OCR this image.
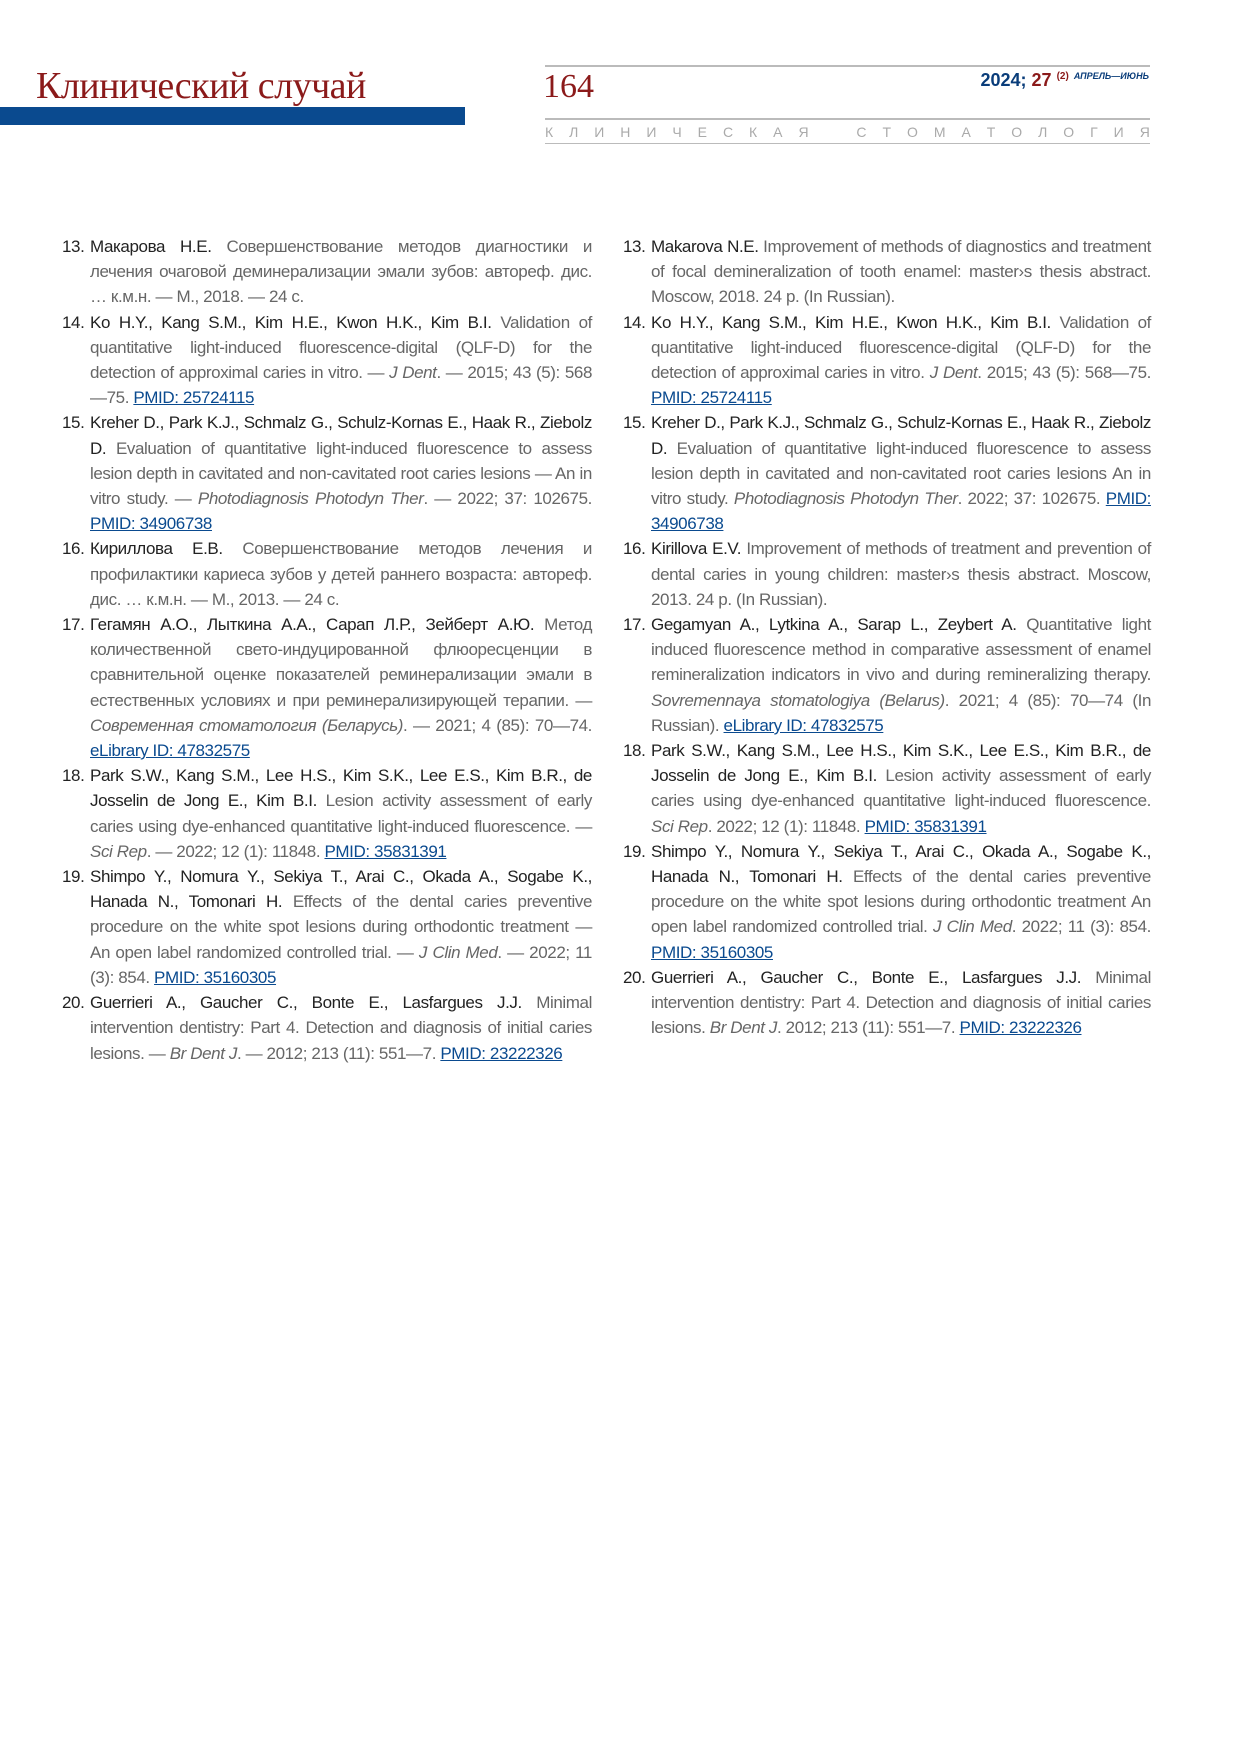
Клинический случай	164	2024; 27 $^{(2)}$ $^{АПРЕЛЬ—ИЮНЬ}$
К Л И Н И Ч Е С К А Я	С Т О М А Т О Л О Г И Я
13. Макарова Н.Е. Совершенствование методов диагностики и лечения очаговой деминерализации эмали зубов: автореф. дис. … к.м.н. — М., 2018. — 24 с.
14. Ko H.Y., Kang S.M., Kim H.E., Kwon H.K., Kim B.I. Validation of quantitative light-induced fluorescence-digital (QLF-D) for the detection of approximal caries in vitro. — J Dent. — 2015; 43 (5): 568—75. PMID: 25724115
15. Kreher D., Park K.J., Schmalz G., Schulz-Kornas E., Haak R., Ziebolz D. Evaluation of quantitative light-induced fluorescence to assess lesion depth in cavitated and non-cavitated root caries lesions — An in vitro study. — Photodiagnosis Photodyn Ther. — 2022; 37: 102675. PMID: 34906738
16. Кириллова Е.В. Совершенствование методов лечения и профилактики кариеса зубов у детей раннего возраста: автореф. дис. … к.м.н. — М., 2013. — 24 с.
17. Гегамян А.О., Лыткина А.А., Сарап Л.Р., Зейберт А.Ю. Метод количественной свето-индуцированной флюоресценции в сравнительной оценке показателей реминерализации эмали в естественных условиях и при реминерализирующей терапии. — Современная стоматология (Беларусь). — 2021; 4 (85): 70—74. eLibrary ID: 47832575
18. Park S.W., Kang S.M., Lee H.S., Kim S.K., Lee E.S., Kim B.R., de Josselin de Jong E., Kim B.I. Lesion activity assessment of early caries using dye-enhanced quantitative light-induced fluorescence. — Sci Rep. — 2022; 12 (1): 11848. PMID: 35831391
19. Shimpo Y., Nomura Y., Sekiya T., Arai C., Okada A., Sogabe K., Hanada N., Tomonari H. Effects of the dental caries preventive procedure on the white spot lesions during orthodontic treatment — An open label randomized controlled trial. — J Clin Med. — 2022; 11 (3): 854. PMID: 35160305
20. Guerrieri A., Gaucher C., Bonte E., Lasfargues J.J. Minimal intervention dentistry: Part 4. Detection and diagnosis of initial caries lesions. — Br Dent J. — 2012; 213 (11): 551—7. PMID: 23222326
13. Makarova N.E. Improvement of methods of diagnostics and treatment of focal demineralization of tooth enamel: master›s thesis abstract. Moscow, 2018. 24 p. (In Russian).
14. Ko H.Y., Kang S.M., Kim H.E., Kwon H.K., Kim B.I. Validation of quantitative light-induced fluorescence-digital (QLF-D) for the detection of approximal caries in vitro. J Dent. 2015; 43 (5): 568—75. PMID: 25724115
15. Kreher D., Park K.J., Schmalz G., Schulz-Kornas E., Haak R., Ziebolz D. Evaluation of quantitative light-induced fluorescence to assess lesion depth in cavitated and non-cavitated root caries lesions An in vitro study. Photodiagnosis Photodyn Ther. 2022; 37: 102675. PMID: 34906738
16. Kirillova E.V. Improvement of methods of treatment and prevention of dental caries in young children: master›s thesis abstract. Moscow, 2013. 24 p. (In Russian).
17. Gegamyan A., Lytkina A., Sarap L., Zeybert A. Quantitative light induced fluorescence method in comparative assessment of enamel remineralization indicators in vivo and during remineralizing therapy. Sovremennaya stomatologiya (Belarus). 2021; 4 (85): 70—74 (In Russian). eLibrary ID: 47832575
18. Park S.W., Kang S.M., Lee H.S., Kim S.K., Lee E.S., Kim B.R., de Josselin de Jong E., Kim B.I. Lesion activity assessment of early caries using dye-enhanced quantitative light-induced fluorescence. Sci Rep. 2022; 12 (1): 11848. PMID: 35831391
19. Shimpo Y., Nomura Y., Sekiya T., Arai C., Okada A., Sogabe K., Hanada N., Tomonari H. Effects of the dental caries preventive procedure on the white spot lesions during orthodontic treatment An open label randomized controlled trial. J Clin Med. 2022; 11 (3): 854. PMID: 35160305
20. Guerrieri A., Gaucher C., Bonte E., Lasfargues J.J. Minimal intervention dentistry: Part 4. Detection and diagnosis of initial caries lesions. Br Dent J. 2012; 213 (11): 551—7. PMID: 23222326
